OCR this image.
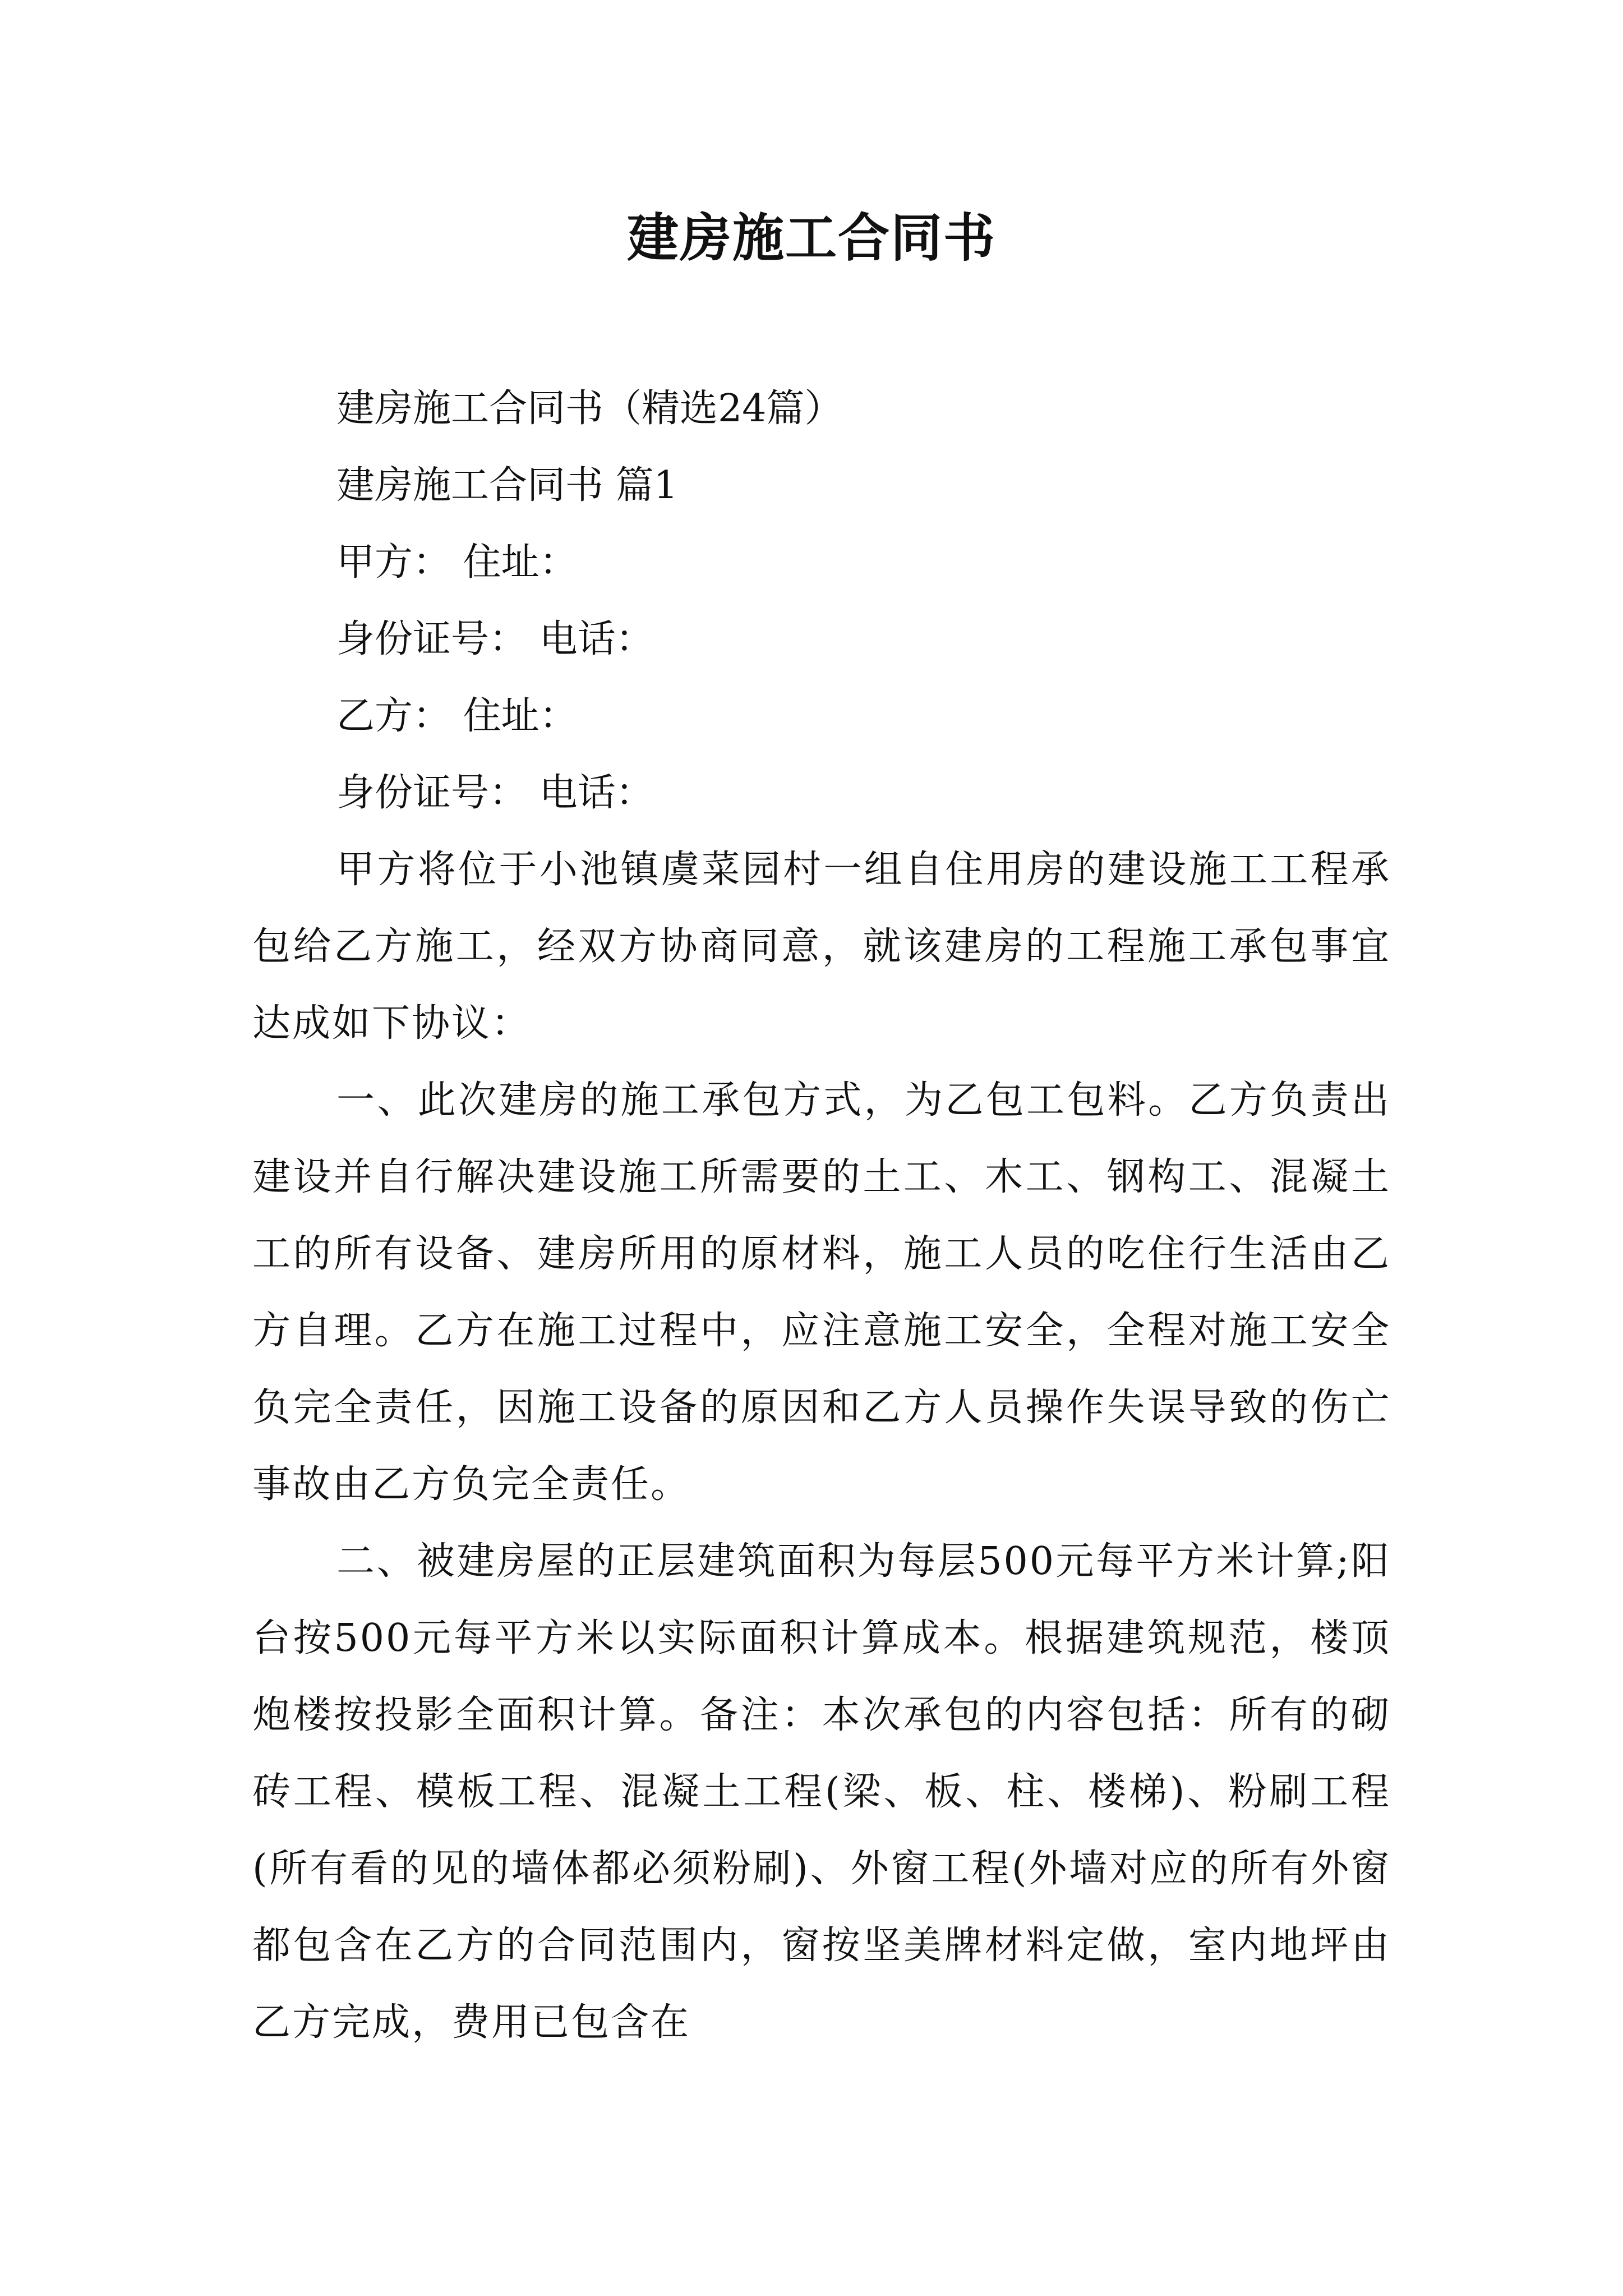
建房施工合同书

建房施工合同书（精选24篇）

建房施工合同书 篇1

甲方： 住址：

身份证号： 电话：

乙方： 住址：

身份证号： 电话：

甲方将位于小池镇虞菜园村一组自住用房的建设施工工程承包给乙方施工，经双方协商同意，就该建房的工程施工承包事宜达成如下协议：

一、此次建房的施工承包方式，为乙包工包料。乙方负责出建设并自行解决建设施工所需要的土工、木工、钢构工、混凝土工的所有设备、建房所用的原材料，施工人员的吃住行生活由乙方自理。乙方在施工过程中，应注意施工安全，全程对施工安全负完全责任，因施工设备的原因和乙方人员操作失误导致的伤亡事故由乙方负完全责任。

二、被建房屋的正层建筑面积为每层500元每平方米计算;阳台按500元每平方米以实际面积计算成本。根据建筑规范，楼顶炮楼按投影全面积计算。备注：本次承包的内容包括：所有的砌砖工程、模板工程、混凝土工程(梁、板、柱、楼梯)、粉刷工程(所有看的见的墙体都必须粉刷)、外窗工程(外墙对应的所有外窗都包含在乙方的合同范围内，窗按坚美牌材料定做，室内地坪由乙方完成，费用已包含在
